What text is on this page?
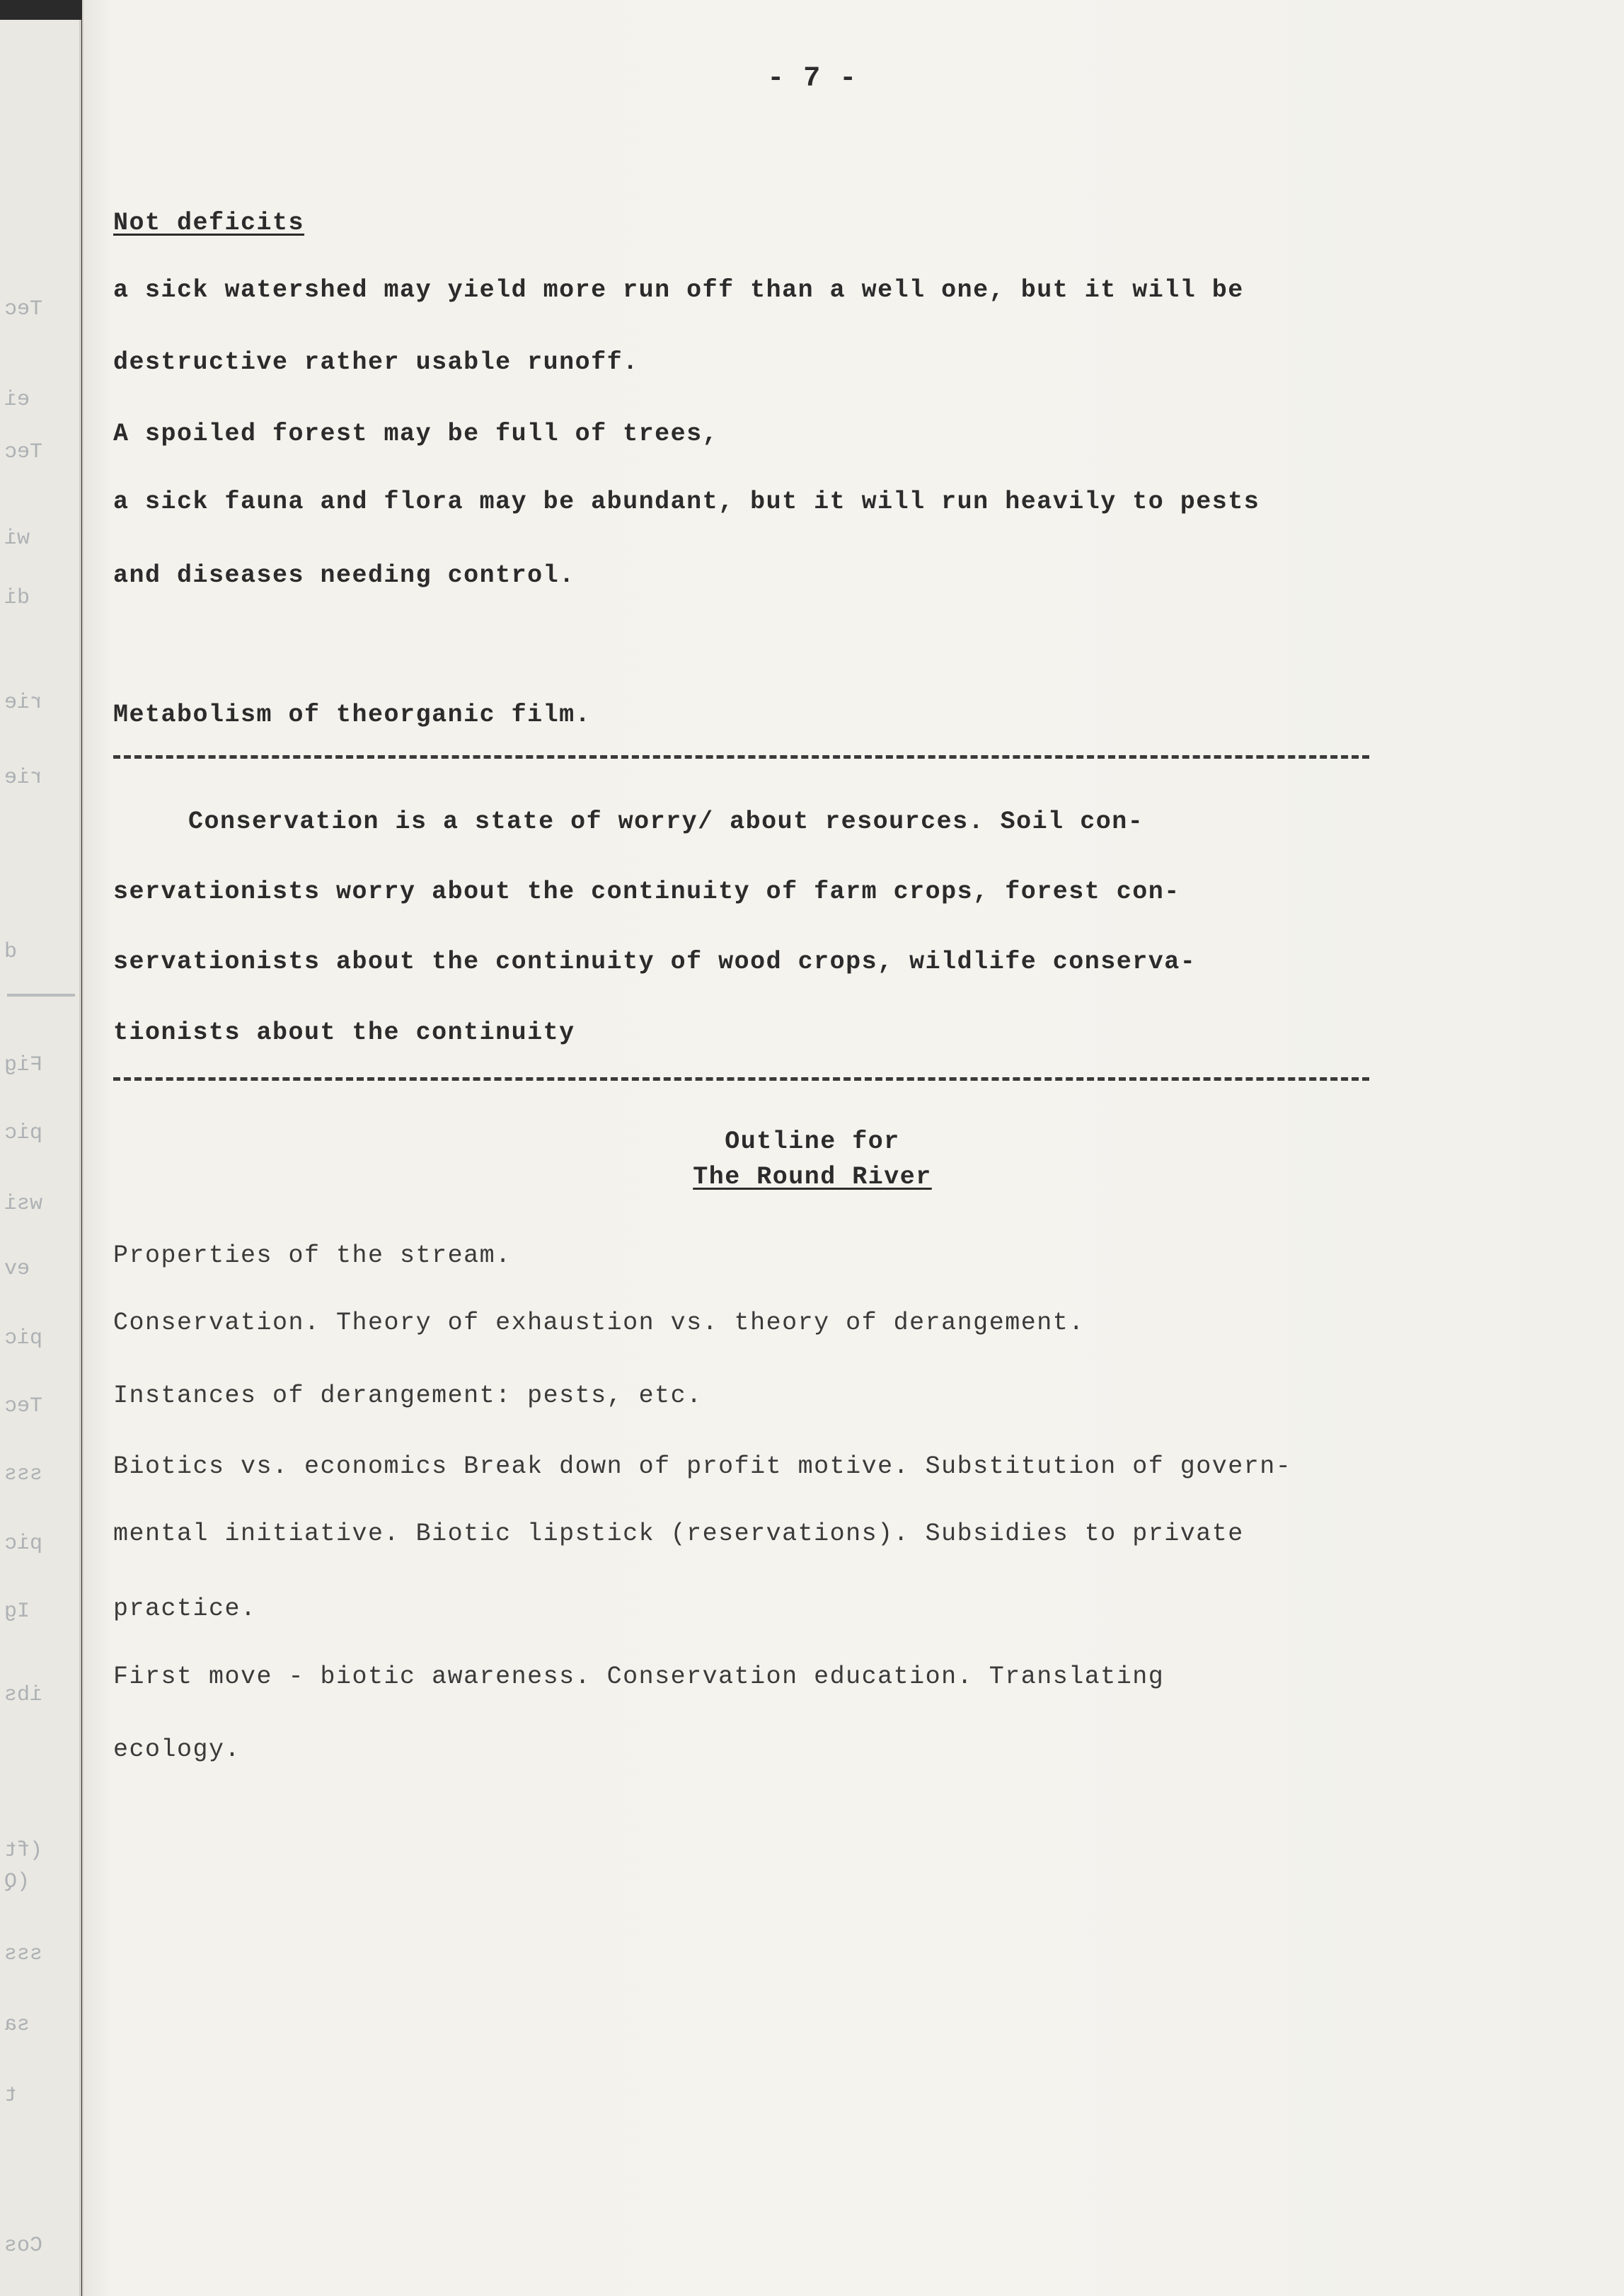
Tec
ei
Tec
wi
di
rie
rie
d
Fig
pic
wsi
ev
pic
Tec
sss
pic
Ig
ibs
(ft
(Q
sss
sa
t
Cos
- 7 -
Not deficits
a sick watershed may yield more run off than a well one, but it will be
destructive rather usable runoff.
A spoiled forest may be full of trees,
a sick fauna and flora may be abundant, but it will run heavily to pests
and diseases needing control.
Metabolism of theorganic film.
Conservation is a state of worry/ about resources. Soil con-
servationists worry about the continuity of farm crops, forest con-
servationists about the continuity of wood crops, wildlife conserva-
tionists about the continuity
Outline for
The Round River
Properties of the stream.
Conservation. Theory of exhaustion vs. theory of derangement.
Instances of derangement: pests, etc.
Biotics vs. economics Break down of profit motive. Substitution of govern-
mental initiative. Biotic lipstick (reservations). Subsidies to private
practice.
First move - biotic awareness. Conservation education. Translating
ecology.
